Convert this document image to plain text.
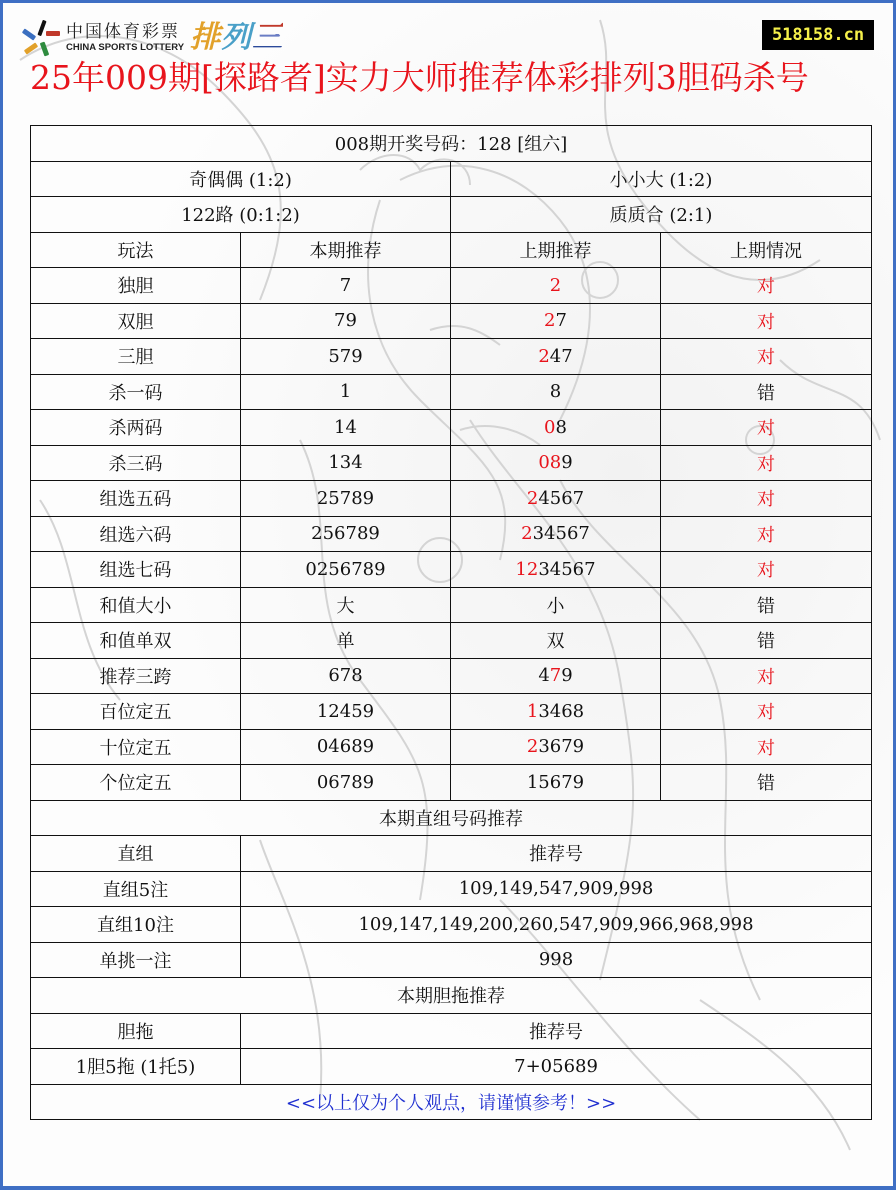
中国体育彩票
CHINA SPORTS LOTTERY 排列三	518158.cn
25年009期[探路者]实力大师推荐体彩排列3胆码杀号
008期开奖号码：128 [组六]			
奇偶偶 (1:2)		小小大 (1:2)	
122路 (0:1:2)		质质合 (2:1)	
玩法	本期推荐	上期推荐	上期情况
独胆	7	2	对
双胆	79	27	对
三胆	579	247	对
杀一码	1	8	错
杀两码	14	08	对
杀三码	134	089	对
组选五码	25789	24567	对
组选六码	256789	234567	对
组选七码	0256789	1234567	对
和值大小	大	小	错
和值单双	单	双	错
推荐三跨	678	479	对
百位定五	12459	13468	对
十位定五	04689	23679	对
个位定五	06789	15679	错
本期直组号码推荐			
直组	推荐号		
直组5注	109,149,547,909,998		
直组10注	109,147,149,200,260,547,909,966,968,998		
单挑一注	998		
本期胆拖推荐			
胆拖	推荐号		
1胆5拖 (1托5)	7+05689		
<<以上仅为个人观点，请谨慎参考！>>			
